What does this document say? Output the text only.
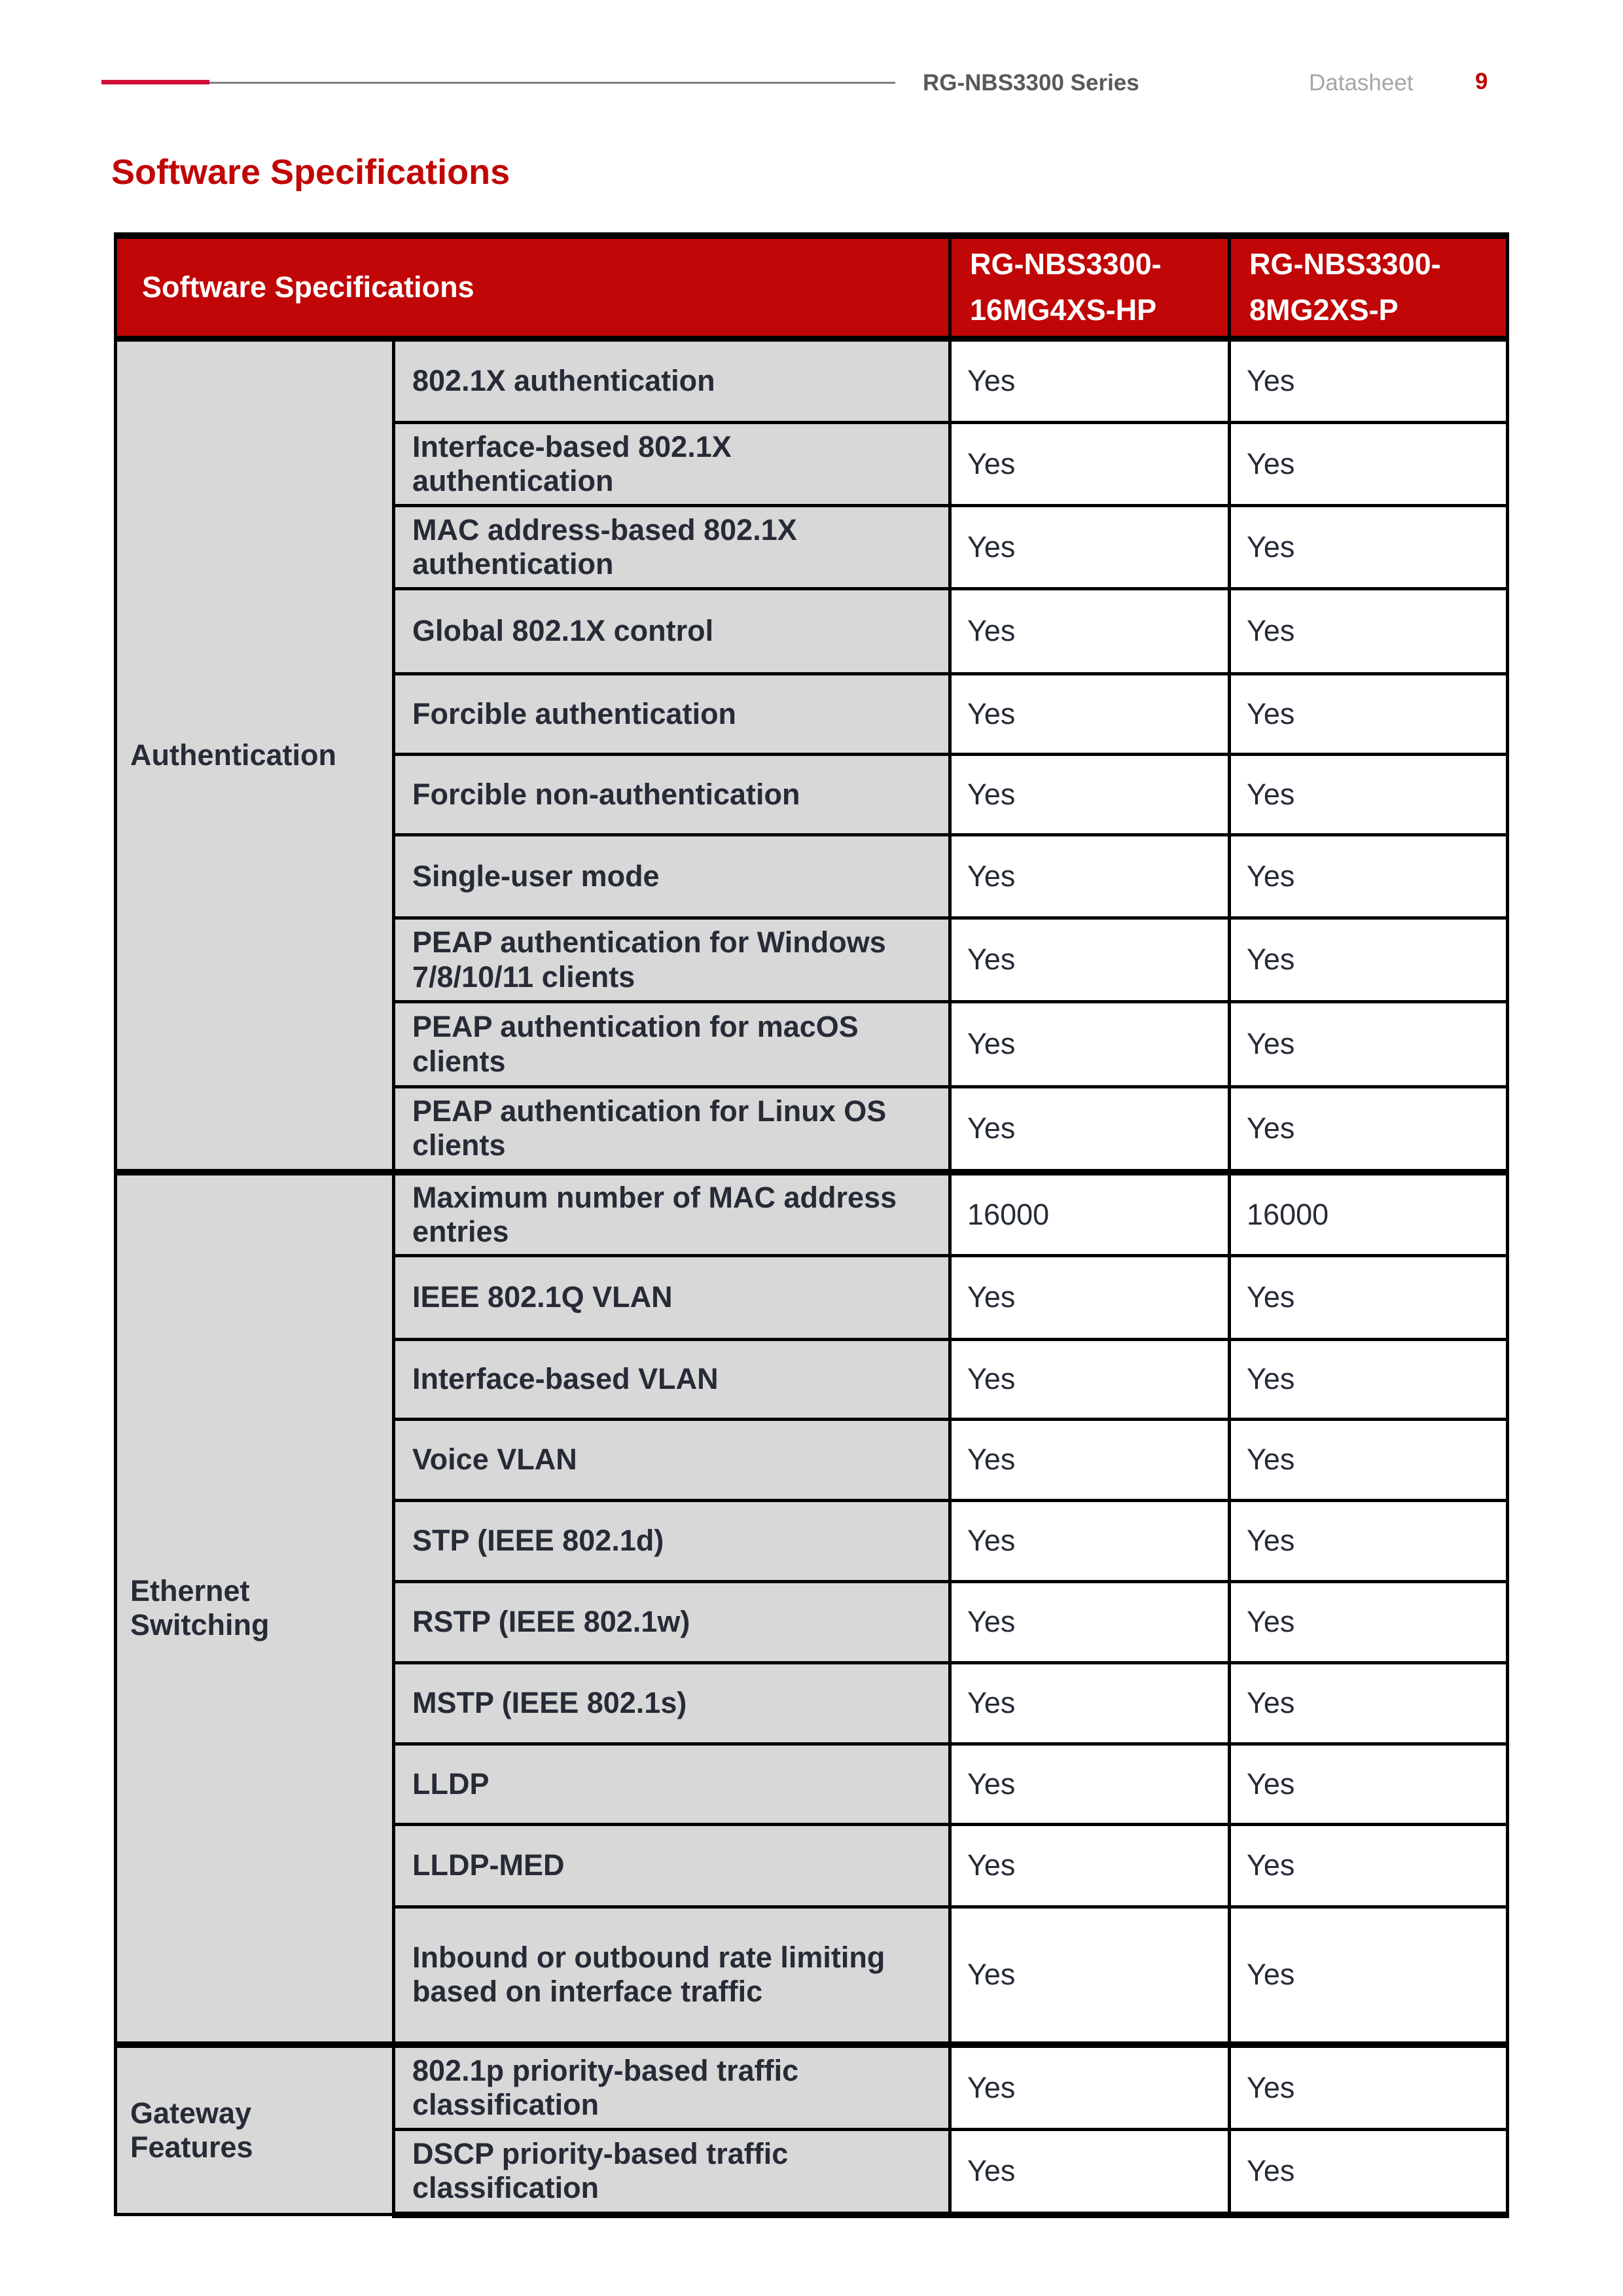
RG-NBS3300 Series	Datasheet	9
Software Specifications
Software Specifications		RG-NBS3300-16MG4XS-HP	RG-NBS3300-8MG2XS-P
Authentication	802.1X authentication	Yes	Yes
	Interface-based 802.1X authentication	Yes	Yes
	MAC address-based 802.1X authentication	Yes	Yes
	Global 802.1X control	Yes	Yes
	Forcible authentication	Yes	Yes
	Forcible non-authentication	Yes	Yes
	Single-user mode	Yes	Yes
	PEAP authentication for Windows 7/8/10/11 clients	Yes	Yes
	PEAP authentication for macOS clients	Yes	Yes
	PEAP authentication for Linux OS clients	Yes	Yes
Ethernet Switching	Maximum number of MAC address entries	16000	16000
	IEEE 802.1Q VLAN	Yes	Yes
	Interface-based VLAN	Yes	Yes
	Voice VLAN	Yes	Yes
	STP (IEEE 802.1d)	Yes	Yes
	RSTP (IEEE 802.1w)	Yes	Yes
	MSTP (IEEE 802.1s)	Yes	Yes
	LLDP	Yes	Yes
	LLDP-MED	Yes	Yes
	Inbound or outbound rate limiting based on interface traffic	Yes	Yes
Gateway Features	802.1p priority-based traffic classification	Yes	Yes
	DSCP priority-based traffic classification	Yes	Yes
